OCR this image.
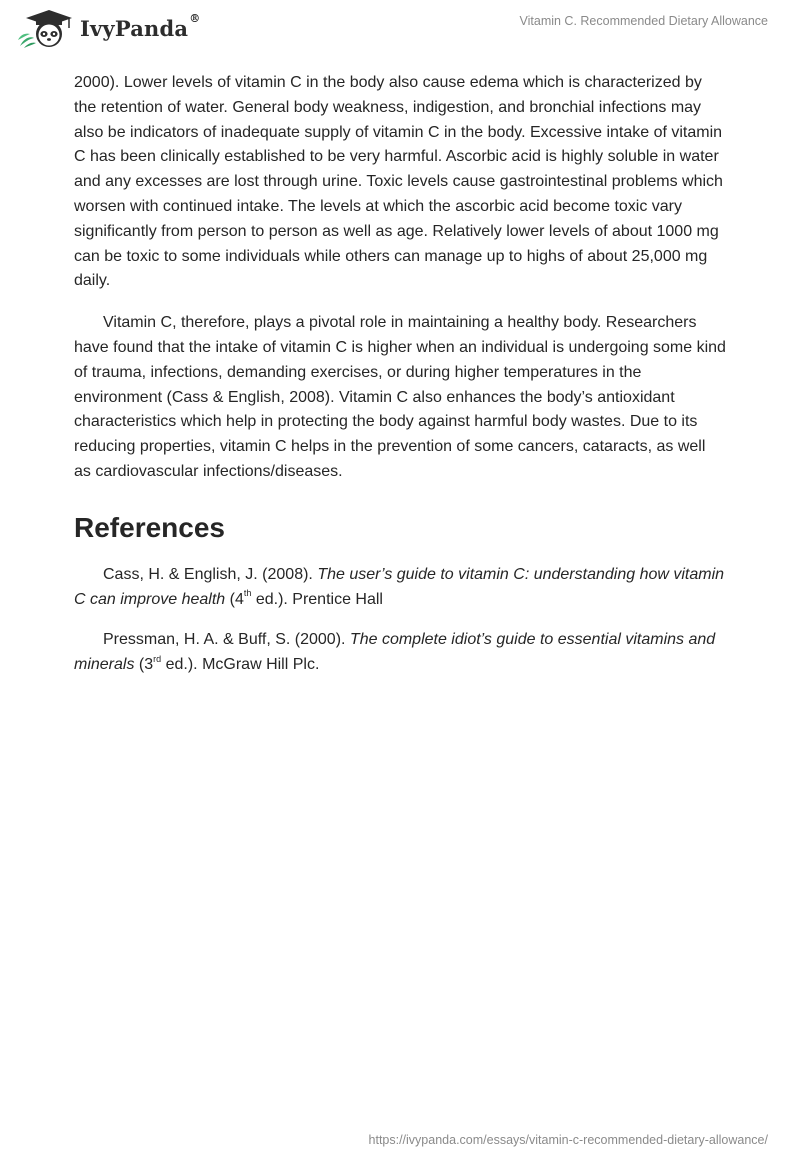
IvyPanda®	Vitamin C. Recommended Dietary Allowance

2000). Lower levels of vitamin C in the body also cause edema which is characterized by the retention of water. General body weakness, indigestion, and bronchial infections may also be indicators of inadequate supply of vitamin C in the body. Excessive intake of vitamin C has been clinically established to be very harmful. Ascorbic acid is highly soluble in water and any excesses are lost through urine. Toxic levels cause gastrointestinal problems which worsen with continued intake. The levels at which the ascorbic acid become toxic vary significantly from person to person as well as age. Relatively lower levels of about 1000 mg can be toxic to some individuals while others can manage up to highs of about 25,000 mg daily.

Vitamin C, therefore, plays a pivotal role in maintaining a healthy body. Researchers have found that the intake of vitamin C is higher when an individual is undergoing some kind of trauma, infections, demanding exercises, or during higher temperatures in the environment (Cass & English, 2008). Vitamin C also enhances the body’s antioxidant characteristics which help in protecting the body against harmful body wastes. Due to its reducing properties, vitamin C helps in the prevention of some cancers, cataracts, as well as cardiovascular infections/diseases.

References

Cass, H. & English, J. (2008). The user’s guide to vitamin C: understanding how vitamin C can improve health (4th ed.). Prentice Hall

Pressman, H. A. & Buff, S. (2000). The complete idiot’s guide to essential vitamins and minerals (3rd ed.). McGraw Hill Plc.

https://ivypanda.com/essays/vitamin-c-recommended-dietary-allowance/
